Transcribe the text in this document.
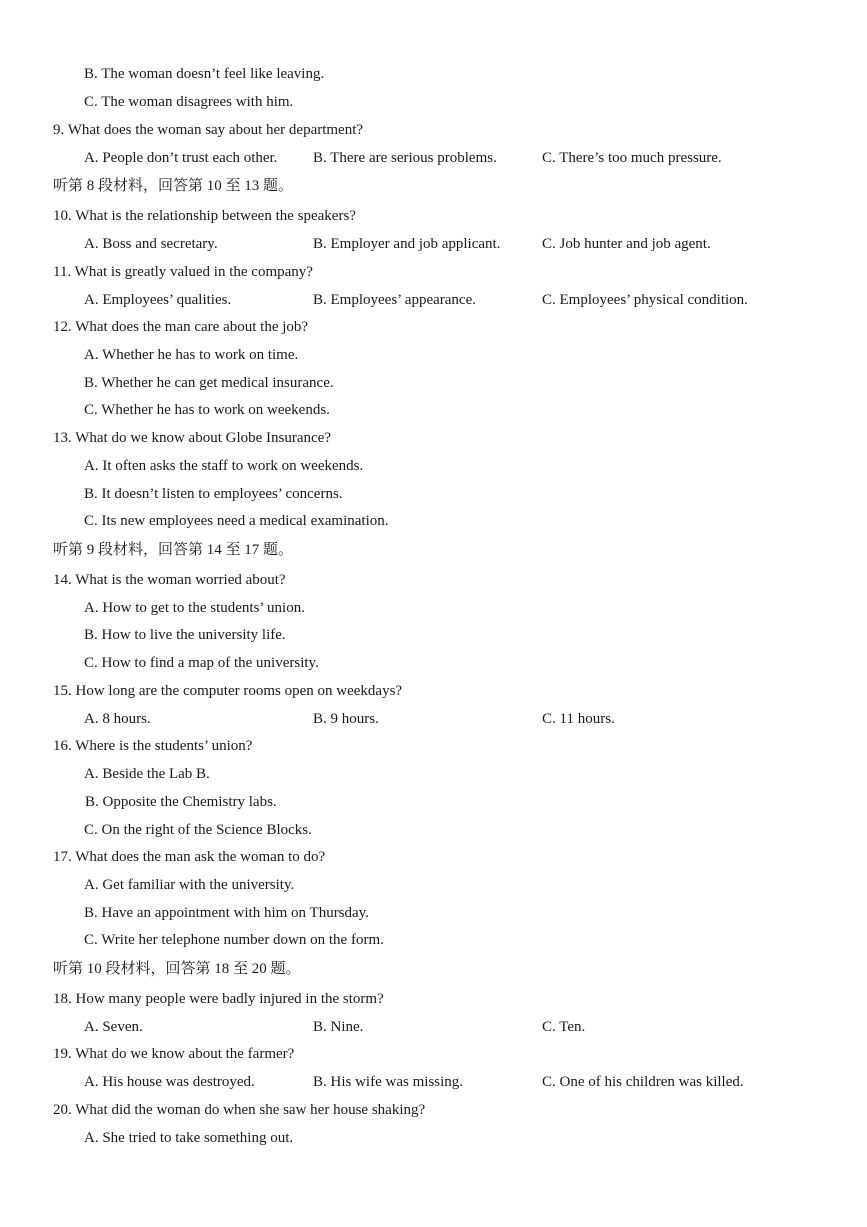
B. The woman doesn’t feel like leaving.
C. The woman disagrees with him.
9. What does the woman say about her department?
A. People don’t trust each other. B. There are serious problems.	C. There’s too much pressure.
听第 8 段材料，回答第 10 至 13 题。
10. What is the relationship between the speakers?
A. Boss and secretary.	B. Employer and job applicant.	C. Job hunter and job agent.
11. What is greatly valued in the company?
A. Employees’ qualities.	B. Employees’ appearance.	C. Employees’ physical condition.
12. What does the man care about the job?
A. Whether he has to work on time.
B. Whether he can get medical insurance.
C. Whether he has to work on weekends.
13. What do we know about Globe Insurance?
A. It often asks the staff to work on weekends.
B. It doesn’t listen to employees’ concerns.
C. Its new employees need a medical examination.
听第 9 段材料，回答第 14 至 17 题。
14. What is the woman worried about?
A. How to get to the students’ union.
B. How to live the university life.
C. How to find a map of the university.
15. How long are the computer rooms open on weekdays?
A. 8 hours.	B. 9 hours.	C. 11 hours.
16. Where is the students’ union?
A. Beside the Lab B.
B. Opposite the Chemistry labs.
C. On the right of the Science Blocks.
17. What does the man ask the woman to do?
A. Get familiar with the university.
B. Have an appointment with him on Thursday.
C. Write her telephone number down on the form.
听第 10 段材料，回答第 18 至 20 题。
18. How many people were badly injured in the storm?
A. Seven.	B. Nine.	C. Ten.
19. What do we know about the farmer?
A. His house was destroyed.	B. His wife was missing.	C. One of his children was killed.
20. What did the woman do when she saw her house shaking?
A. She tried to take something out.
